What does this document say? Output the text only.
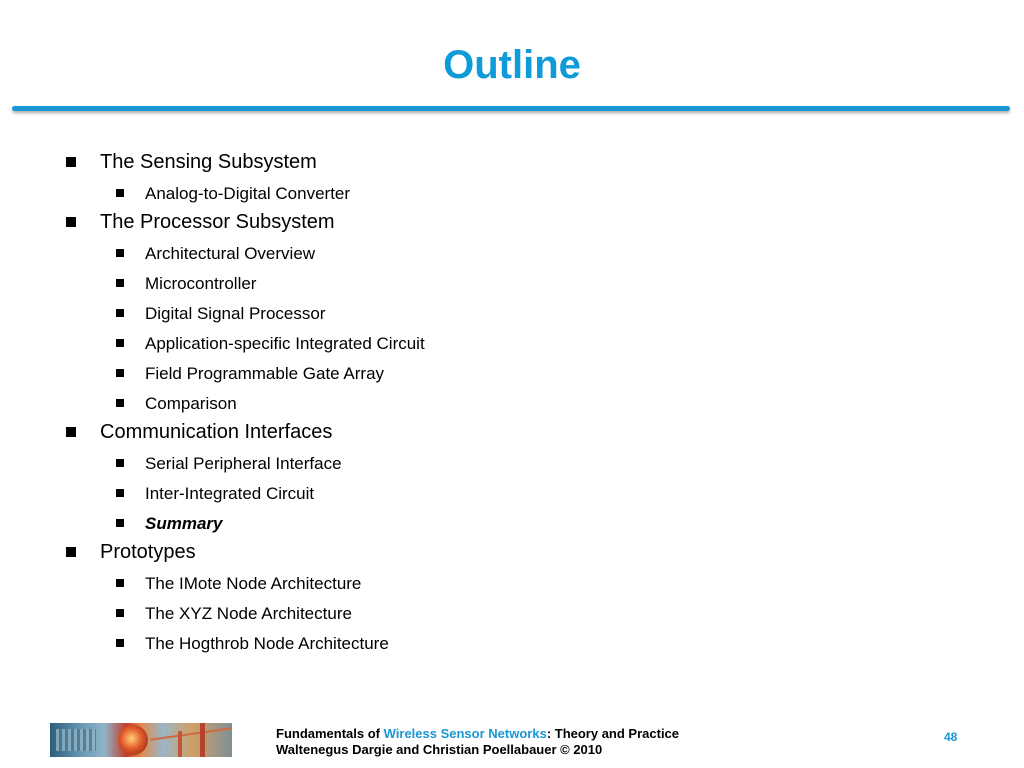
Outline
The Sensing Subsystem
Analog-to-Digital Converter
The Processor Subsystem
Architectural Overview
Microcontroller
Digital Signal Processor
Application-specific Integrated Circuit
Field Programmable Gate Array
Comparison
Communication Interfaces
Serial Peripheral Interface
Inter-Integrated Circuit
Summary
Prototypes
The IMote Node Architecture
The XYZ Node Architecture
The Hogthrob Node Architecture
Fundamentals of Wireless Sensor Networks: Theory and Practice
Waltenegus Dargie and Christian Poellabauer © 2010
48
